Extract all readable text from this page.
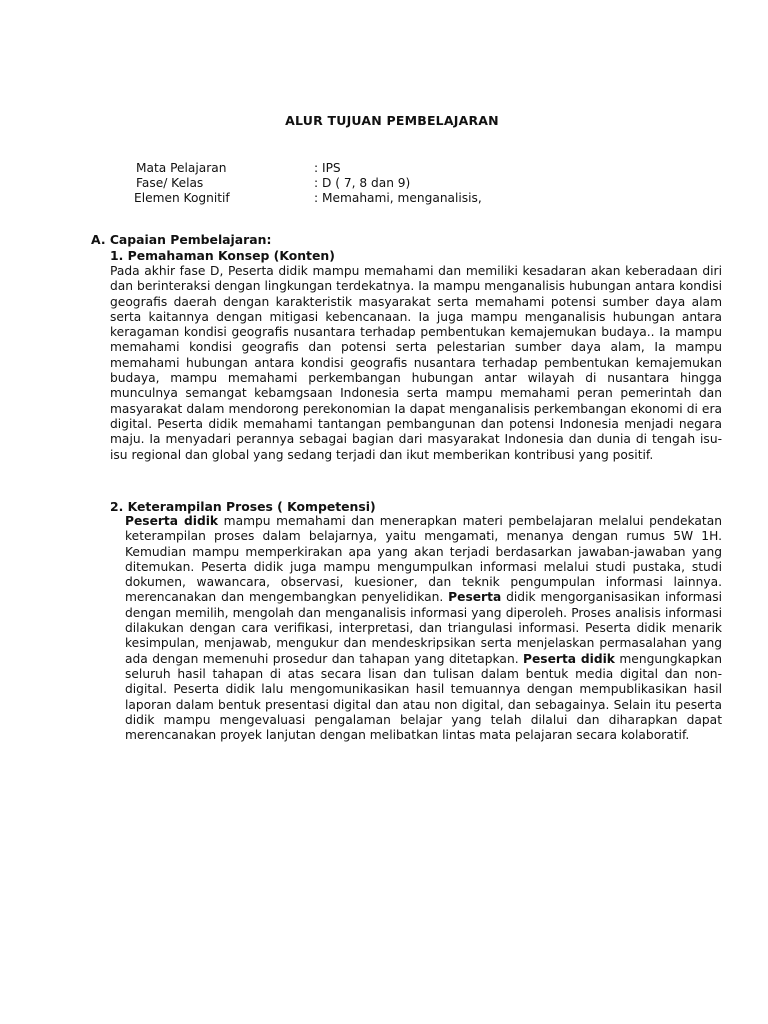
ALUR TUJUAN PEMBELAJARAN
Mata Pelajaran	: IPS
Fase/ Kelas	: D ( 7, 8 dan 9)
Elemen Kognitif	: Memahami, menganalisis,
A. Capaian Pembelajaran:
1. Pemahaman Konsep (Konten)
Pada akhir fase D, Peserta didik mampu memahami dan memiliki kesadaran akan keberadaan diri dan berinteraksi dengan lingkungan terdekatnya. Ia mampu menganalisis hubungan antara kondisi geografis daerah dengan karakteristik masyarakat serta memahami potensi sumber daya alam serta kaitannya dengan mitigasi kebencanaan. Ia juga mampu menganalisis hubungan antara keragaman kondisi geografis nusantara terhadap pembentukan kemajemukan budaya.. Ia mampu memahami kondisi geografis dan potensi serta pelestarian sumber daya alam, Ia mampu memahami hubungan antara kondisi geografis nusantara terhadap pembentukan kemajemukan budaya, mampu memahami perkembangan hubungan antar wilayah di nusantara hingga munculnya semangat kebamgsaan Indonesia serta mampu memahami peran pemerintah dan masyarakat dalam mendorong perekonomian Ia dapat menganalisis perkembangan ekonomi di era digital. Peserta didik memahami tantangan pembangunan dan potensi Indonesia menjadi negara maju. Ia menyadari perannya sebagai bagian dari masyarakat Indonesia dan dunia di tengah isu-isu regional dan global yang sedang terjadi dan ikut memberikan kontribusi yang positif.
2. Keterampilan Proses ( Kompetensi)
Peserta didik mampu memahami dan menerapkan materi pembelajaran melalui pendekatan keterampilan proses dalam belajarnya, yaitu mengamati, menanya dengan rumus 5W 1H. Kemudian mampu memperkirakan apa yang akan terjadi berdasarkan jawaban-jawaban yang ditemukan. Peserta didik juga mampu mengumpulkan informasi melalui studi pustaka, studi dokumen, wawancara, observasi, kuesioner, dan teknik pengumpulan informasi lainnya. merencanakan dan mengembangkan penyelidikan. Peserta didik mengorganisasikan informasi dengan memilih, mengolah dan menganalisis informasi yang diperoleh. Proses analisis informasi dilakukan dengan cara verifikasi, interpretasi, dan triangulasi informasi. Peserta didik menarik kesimpulan, menjawab, mengukur dan mendeskripsikan serta menjelaskan permasalahan yang ada dengan memenuhi prosedur dan tahapan yang ditetapkan. Peserta didik mengungkapkan seluruh hasil tahapan di atas secara lisan dan tulisan dalam bentuk media digital dan non-digital. Peserta didik lalu mengomunikasikan hasil temuannya dengan mempublikasikan hasil laporan dalam bentuk presentasi digital dan atau non digital, dan sebagainya. Selain itu peserta didik mampu mengevaluasi pengalaman belajar yang telah dilalui dan diharapkan dapat merencanakan proyek lanjutan dengan melibatkan lintas mata pelajaran secara kolaboratif.
